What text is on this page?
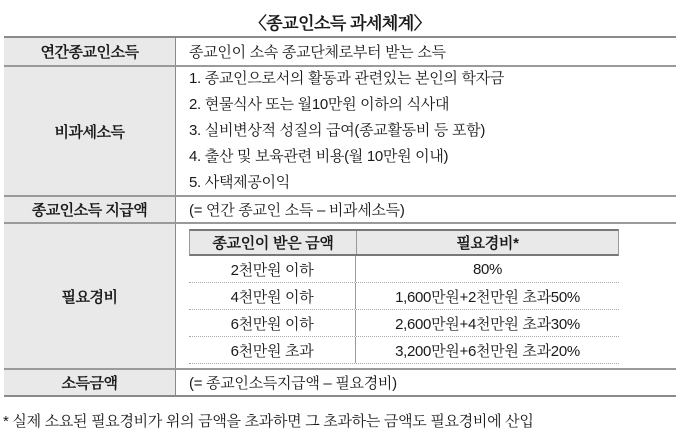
〈종교인소득 과세체계〉
연간종교인소득	종교인이 소속 종교단체로부터 받는 소득
비과세소득
1. 종교인으로서의 활동과 관련있는 본인의 학자금
2. 현물식사 또는 월10만원 이하의 식사대
3. 실비변상적 성질의 급여(종교활동비 등 포함)
4. 출산 및 보육관련 비용(월 10만원 이내)
5. 사택제공이익
종교인소득 지급액	(= 연간 종교인 소득 – 비과세소득)
필요경비
종교인이 받은 금액	필요경비*
2천만원 이하	80%
4천만원 이하	1,600만원+2천만원 초과50%
6천만원 이하	2,600만원+4천만원 초과30%
6천만원 초과	3,200만원+6천만원 초과20%
소득금액	(= 종교인소득지급액 – 필요경비)
* 실제 소요된 필요경비가 위의 금액을 초과하면 그 초과하는 금액도 필요경비에 산입
